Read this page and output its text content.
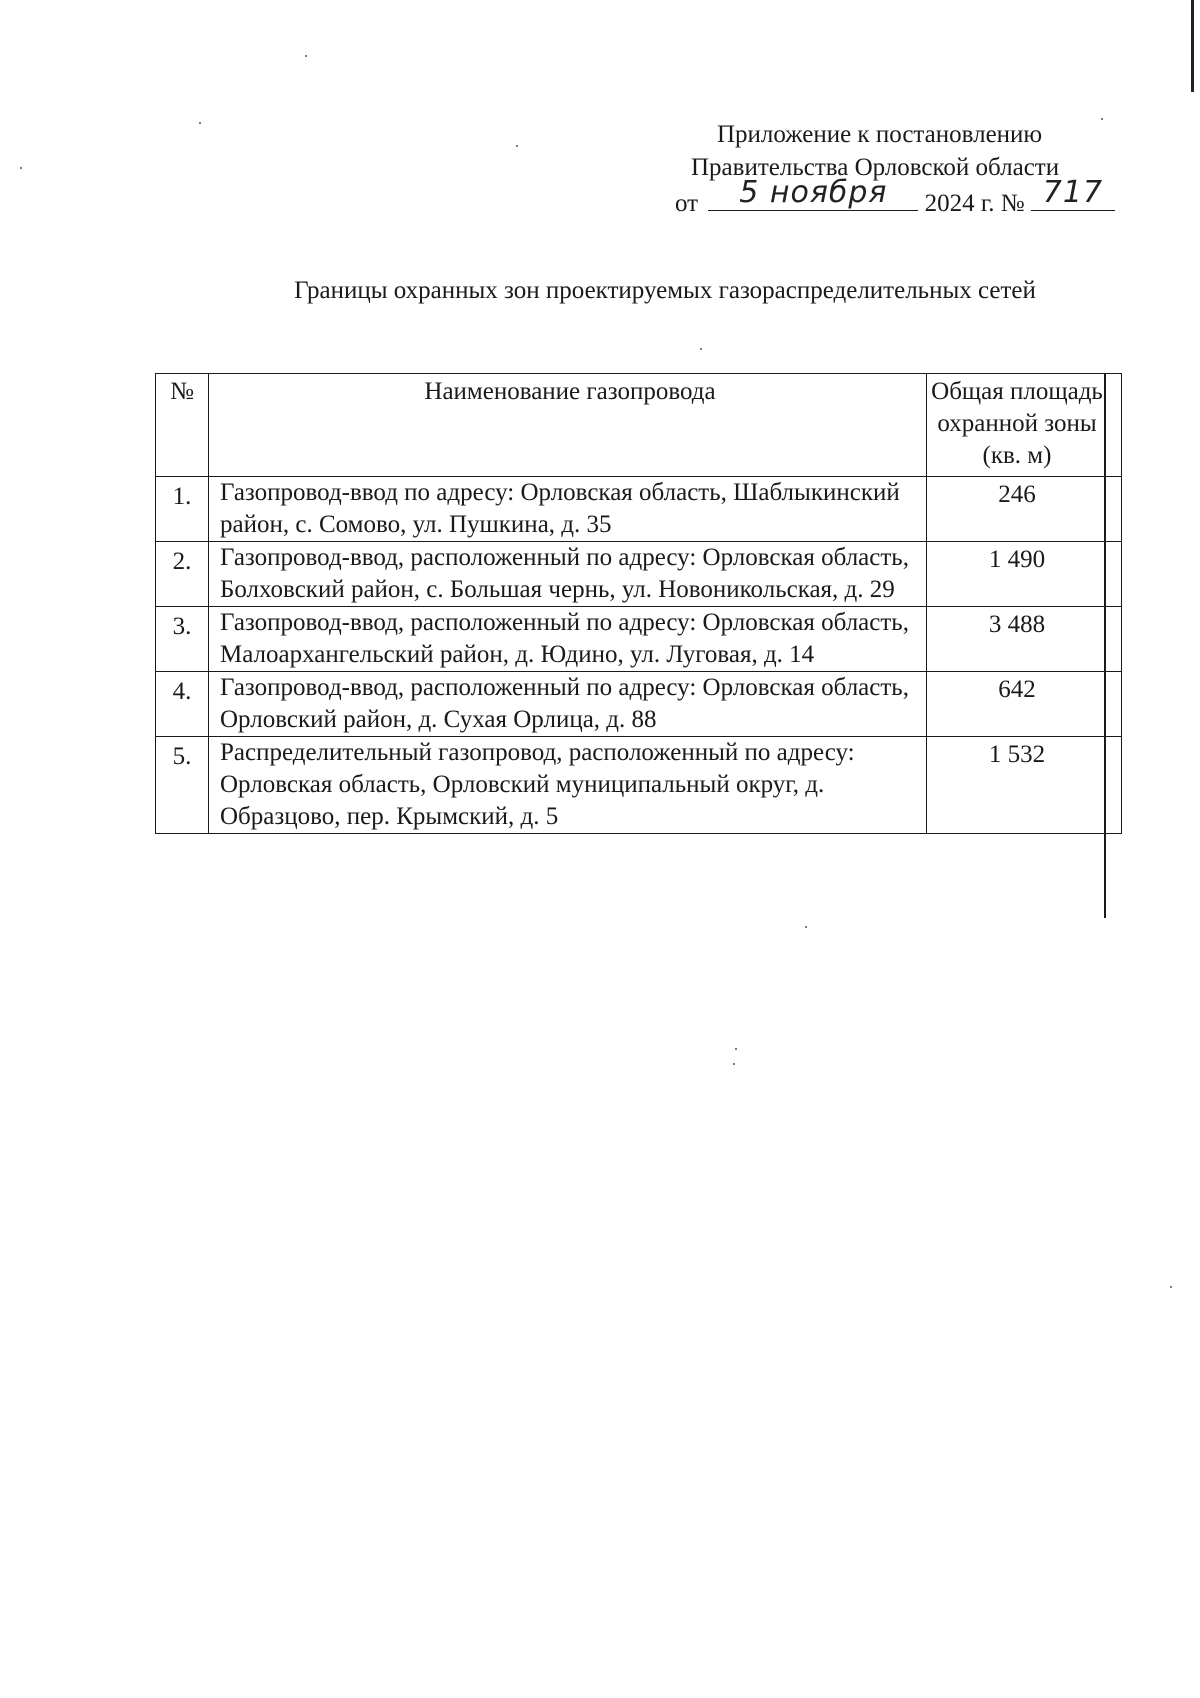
Приложение к постановлению
Правительства Орловской области
от	5 ноября	2024 г. № 717
Границы охранных зон проектируемых газораспределительных сетей
№	Наименование газопровода	Общая площадь охранной зоны (кв. м)
1.	Газопровод-ввод по адресу: Орловская область, Шаблыкинский район, с. Сомово, ул. Пушкина, д. 35	246
2.	Газопровод-ввод, расположенный по адресу: Орловская область, Болховский район, с. Большая чернь, ул. Новоникольская, д. 29	1 490
3.	Газопровод-ввод, расположенный по адресу: Орловская область, Малоархангельский район, д. Юдино, ул. Луговая, д. 14	3 488
4.	Газопровод-ввод, расположенный по адресу: Орловская область, Орловский район, д. Сухая Орлица, д. 88	642
5.	Распределительный газопровод, расположенный по адресу: Орловская область, Орловский муниципальный округ, д. Образцово, пер. Крымский, д. 5	1 532
